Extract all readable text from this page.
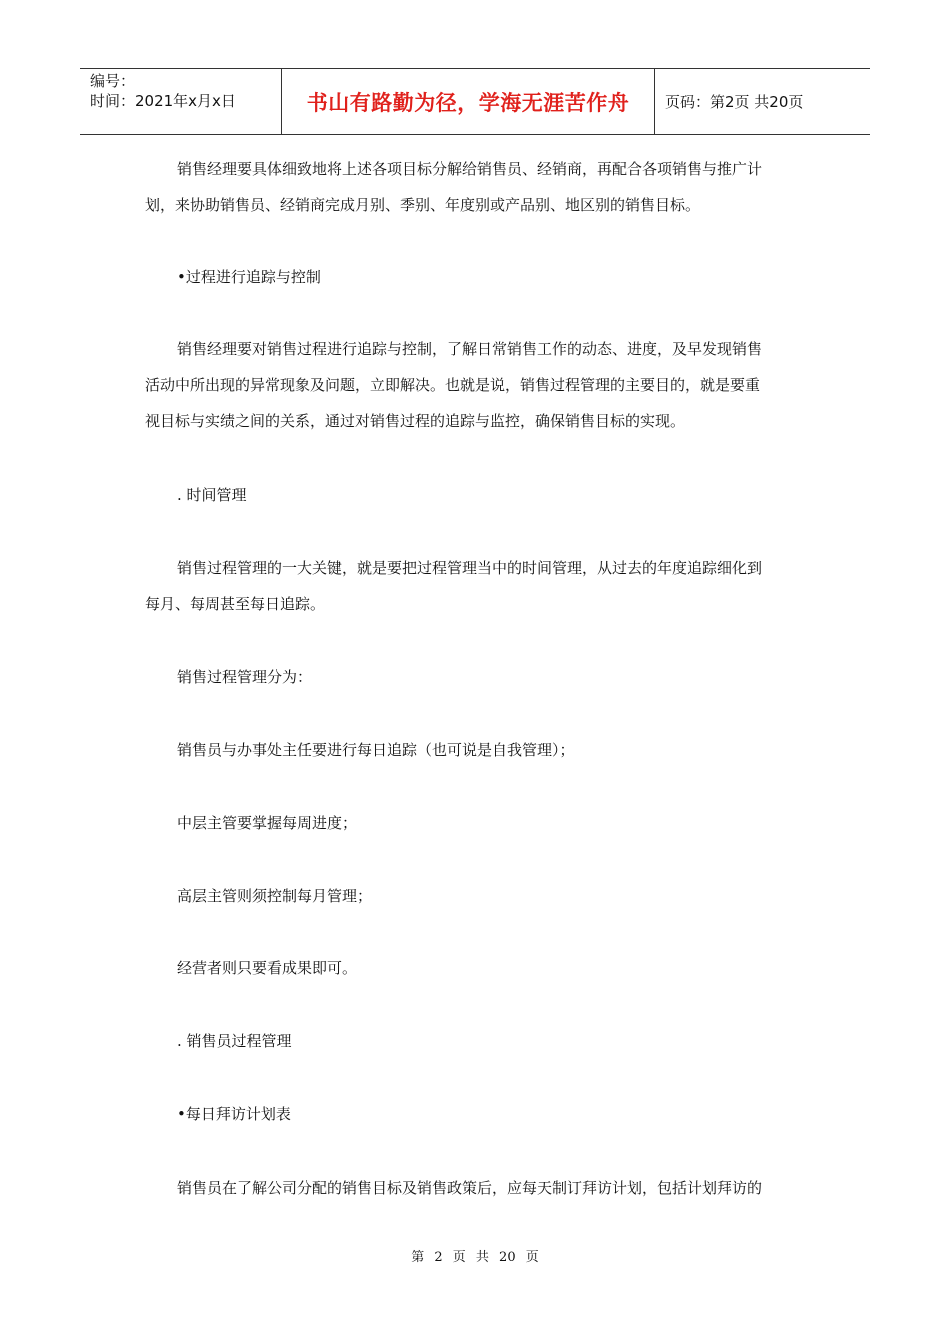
编号：

时间：2021年x月x日	书山有路勤为径，学海无涯苦作舟 页码：第2页 共20页
销售经理要具体细致地将上述各项目标分解给销售员、经销商，再配合各项销售与推广计
划，来协助销售员、经销商完成月别、季别、年度别或产品别、地区别的销售目标。
•过程进行追踪与控制
销售经理要对销售过程进行追踪与控制，了解日常销售工作的动态、进度，及早发现销售
活动中所出现的异常现象及问题，立即解决。也就是说，销售过程管理的主要目的，就是要重
视目标与实绩之间的关系，通过对销售过程的追踪与监控，确保销售目标的实现。
. 时间管理
销售过程管理的一大关键，就是要把过程管理当中的时间管理，从过去的年度追踪细化到
每月、每周甚至每日追踪。
销售过程管理分为：
销售员与办事处主任要进行每日追踪（也可说是自我管理）；
中层主管要掌握每周进度；
高层主管则须控制每月管理；
经营者则只要看成果即可。
. 销售员过程管理
•每日拜访计划表
销售员在了解公司分配的销售目标及销售政策后，应每天制订拜访计划，包括计划拜访的
第 2 页 共 20 页
